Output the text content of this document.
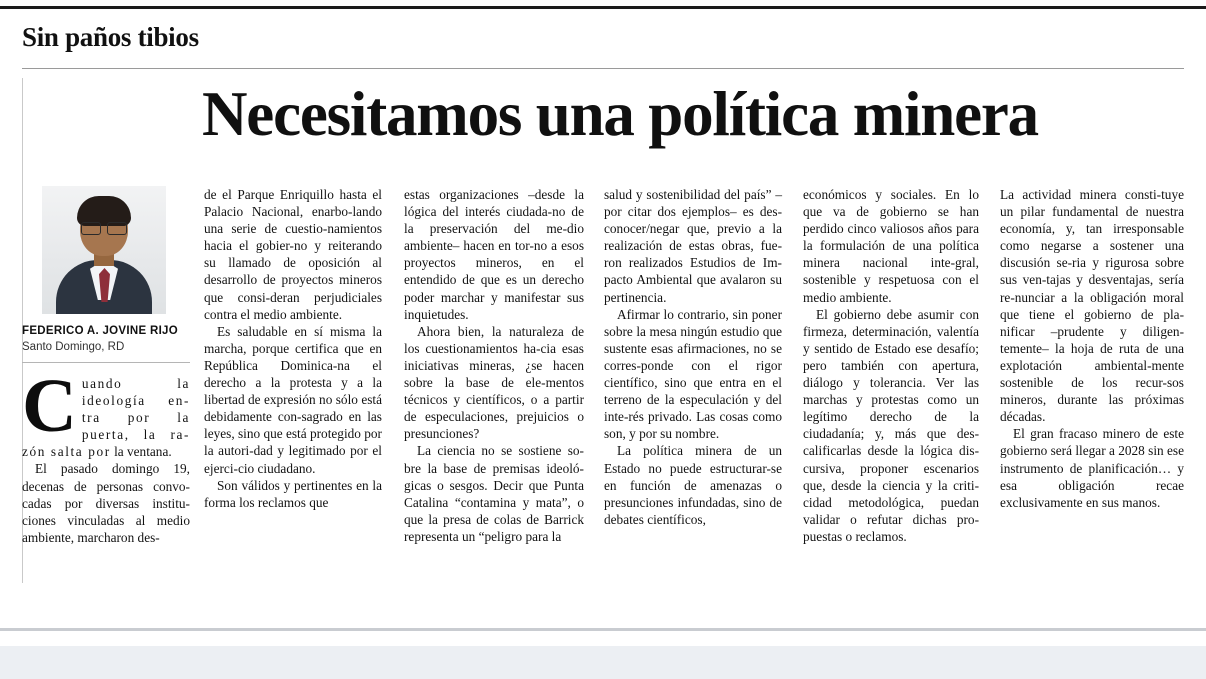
Sin paños tibios
Necesitamos una política minera
FEDERICO A. JOVINE RIJO
Santo Domingo, RD

Cuando la ideología en-tra por la puerta, la ra-zón salta por la ventana.

El pasado domingo 19, decenas de personas convo-cadas por diversas institu-ciones vinculadas al medio ambiente, marcharon des-

de el Parque Enriquillo hasta el Palacio Nacional, enarbo-lando una serie de cuestio-namientos hacia el gobier-no y reiterando su llamado de oposición al desarrollo de proyectos mineros que consi-deran perjudiciales contra el medio ambiente.

Es saludable en sí misma la marcha, porque certifica que en República Dominica-na el derecho a la protesta y a la libertad de expresión no sólo está debidamente con-sagrado en las leyes, sino que está protegido por la autori-dad y legitimado por el ejerci-cio ciudadano.

Son válidos y pertinentes en la forma los reclamos que

estas organizaciones –desde la lógica del interés ciudada-no de la preservación del me-dio ambiente– hacen en tor-no a esos proyectos mineros, en el entendido de que es un derecho poder marchar y manifestar sus inquietudes.

Ahora bien, la naturaleza de los cuestionamientos ha-cia esas iniciativas mineras, ¿se hacen sobre la base de ele-mentos técnicos y científicos, o a partir de especulaciones, prejuicios o presunciones?

La ciencia no se sostiene so-bre la base de premisas ideoló-gicas o sesgos. Decir que Punta Catalina “contamina y mata”, o que la presa de colas de Barrick representa un “peligro para la

salud y sostenibilidad del país” –por citar dos ejemplos– es des-conocer/negar que, previo a la realización de estas obras, fue-ron realizados Estudios de Im-pacto Ambiental que avalaron su pertinencia.

Afirmar lo contrario, sin poner sobre la mesa ningún estudio que sustente esas afirmaciones, no se corres-ponde con el rigor científico, sino que entra en el terreno de la especulación y del inte-rés privado. Las cosas como son, y por su nombre.

La política minera de un Estado no puede estructurar-se en función de amenazas o presunciones infundadas, sino de debates científicos,

económicos y sociales. En lo que va de gobierno se han perdido cinco valiosos años para la formulación de una política minera nacional inte-gral, sostenible y respetuosa con el medio ambiente.

El gobierno debe asumir con firmeza, determinación, valentía y sentido de Estado ese desafío; pero también con apertura, diálogo y tolerancia. Ver las marchas y protestas como un legítimo derecho de la ciudadanía; y, más que des-calificarlas desde la lógica dis-cursiva, proponer escenarios que, desde la ciencia y la criti-cidad metodológica, puedan validar o refutar dichas pro-puestas o reclamos.

La actividad minera consti-tuye un pilar fundamental de nuestra economía, y, tan irresponsable como negarse a sostener una discusión se-ria y rigurosa sobre sus ven-tajas y desventajas, sería re-nunciar a la obligación moral que tiene el gobierno de pla-nificar –prudente y diligen-temente– la hoja de ruta de una explotación ambiental-mente sostenible de los recur-sos mineros, durante las próximas décadas.

El gran fracaso minero de este gobierno será llegar a 2028 sin ese instrumento de planificación… y esa obligación recae exclusivamente en sus manos.
